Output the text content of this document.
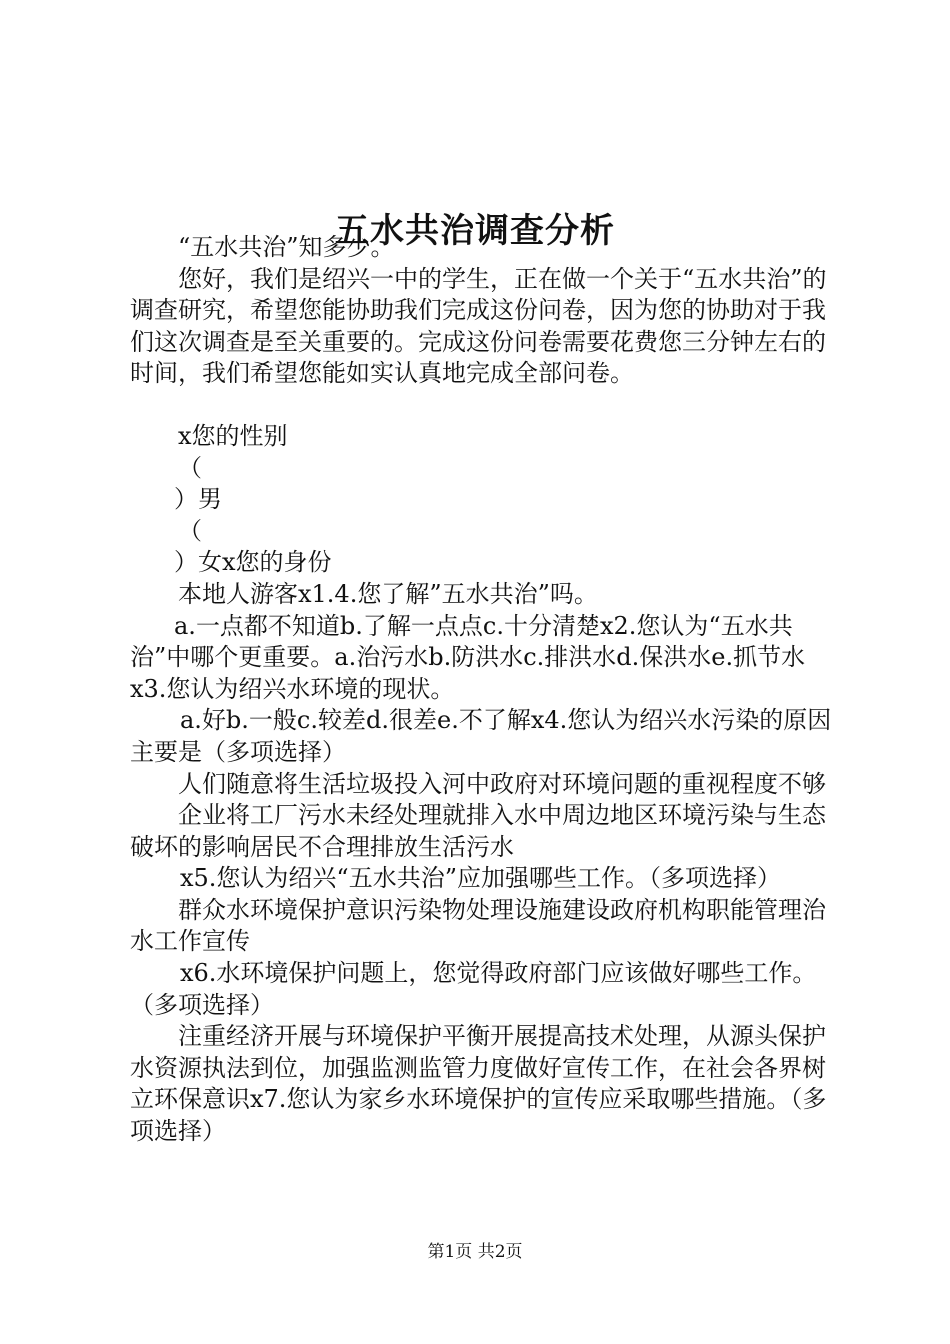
五水共治调查分析

“五水共治”知多少。

您好，我们是绍兴一中的学生，正在做一个关于“五水共治”的调查研究，希望您能协助我们完成这份问卷，因为您的协助对于我们这次调查是至关重要的。完成这份问卷需要花费您三分钟左右的时间，我们希望您能如实认真地完成全部问卷。

x您的性别

（

）男

（

）女x您的身份

本地人游客x1.4.您了解”五水共治”吗。

a.一点都不知道b.了解一点点c.十分清楚x2.您认为“五水共治”中哪个更重要。a.治污水b.防洪水c.排洪水d.保洪水e.抓节水x3.您认为绍兴水环境的现状。

a.好b.一般c.较差d.很差e.不了解x4.您认为绍兴水污染的原因主要是（多项选择）

人们随意将生活垃圾投入河中政府对环境问题的重视程度不够

企业将工厂污水未经处理就排入水中周边地区环境污染与生态破坏的影响居民不合理排放生活污水

x5.您认为绍兴“五水共治”应加强哪些工作。（多项选择）

群众水环境保护意识污染物处理设施建设政府机构职能管理治水工作宣传

x6.水环境保护问题上，您觉得政府部门应该做好哪些工作。（多项选择）

注重经济开展与环境保护平衡开展提高技术处理，从源头保护水资源执法到位，加强监测监管力度做好宣传工作，在社会各界树立环保意识x7.您认为家乡水环境保护的宣传应采取哪些措施。（多项选择）

第1页 共2页
